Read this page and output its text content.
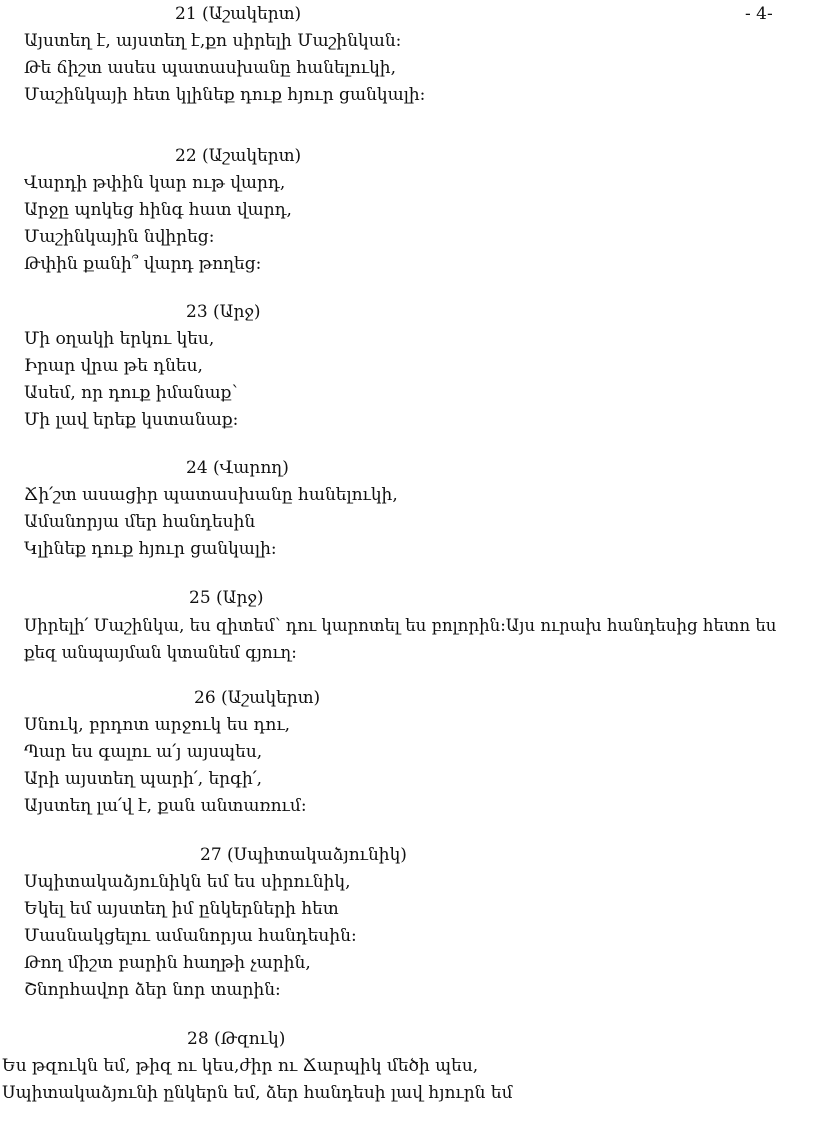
- 4-
21 (Աշակերտ)
Այստեղ է, այստեղ է,քո սիրելի Մաշինկան:
Թե ճիշտ ասես պատասխանը հանելուկի,
Մաշինկայի հետ կլինեք դուք հյուր ցանկալի:
22 (Աշակերտ)
Վարդի թփին կար ութ վարդ,
Արջը պոկեց հինգ հատ վարդ,
Մաշինկային նվիրեց:
Թփին քանի՞ վարդ թողեց:
23 (Արջ)
Մի օղակի երկու կես,
Իրար վրա թե դնես,
Ասեմ, որ դուք իմանաք՝
Մի լավ երեք կստանաք:
24 (Վարող)
Ճի՛շտ ասացիր պատասխանը հանելուկի,
Ամանորյա մեր հանդեսին
Կլինեք դուք հյուր ցանկալի:
25 (Արջ)
Սիրելի՛ Մաշինկա, ես զիտեմ՝ դու կարոտել ես բոլորին:Այս ուրախ հանդեսից հետո ես քեզ անպայման կտանեմ գյուղ:
26 (Աշակերտ)
Սնուկ, բրդոտ արջուկ ես դու,
Պար ես գալու ա՛յ այսպես,
Արի այստեղ պարի՛, երգի՛,
Այստեղ լա՛վ է, քան անտառում:
27 (Սպիտակաձյունիկ)
Սպիտակաձյունիկն եմ ես սիրունիկ,
Եկել եմ այստեղ իմ ընկերների հետ
Մասնակցելու ամանորյա հանդեսին:
Թող միշտ բարին հաղթի չարին,
Շնորհավոր ձեր նոր տարին:
28 (Թզուկ)
Ես թզուկն եմ, թիզ ու կես,ժիր ու Ճարպիկ մեծի պես,
Սպիտակաձյունի ընկերն եմ, ձեր հանդեսի լավ հյուրն եմ
